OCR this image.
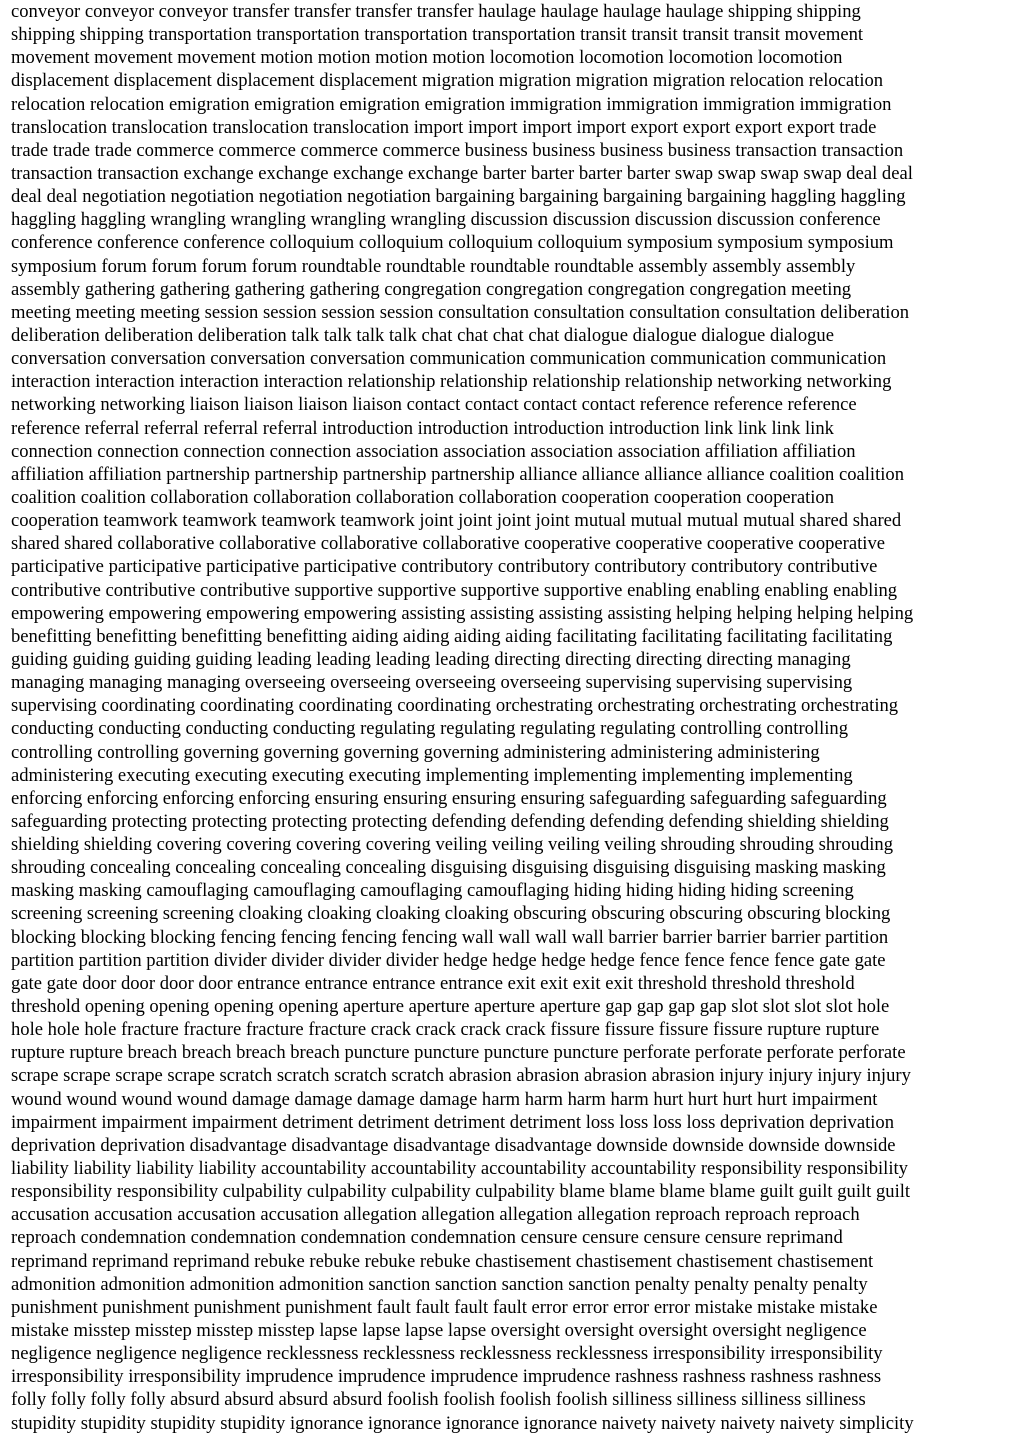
conveyor conveyor conveyor transfer transfer transfer transfer haulage haulage haulage haulage shipping shipping
shipping shipping transportation transportation transportation transportation transit transit transit transit movement
movement movement movement motion motion motion motion locomotion locomotion locomotion locomotion
displacement displacement displacement displacement migration migration migration migration relocation relocation
relocation relocation emigration emigration emigration emigration immigration immigration immigration immigration
translocation translocation translocation translocation import import import import export export export export trade
trade trade trade commerce commerce commerce commerce business business business business transaction transaction
transaction transaction exchange exchange exchange exchange barter barter barter barter swap swap swap swap deal deal
deal deal negotiation negotiation negotiation negotiation bargaining bargaining bargaining bargaining haggling haggling
haggling haggling wrangling wrangling wrangling wrangling discussion discussion discussion discussion conference
conference conference conference colloquium colloquium colloquium colloquium symposium symposium symposium
symposium forum forum forum forum roundtable roundtable roundtable roundtable assembly assembly assembly
assembly gathering gathering gathering gathering congregation congregation congregation congregation meeting
meeting meeting meeting session session session session consultation consultation consultation consultation deliberation
deliberation deliberation deliberation talk talk talk talk chat chat chat chat dialogue dialogue dialogue dialogue
conversation conversation conversation conversation communication communication communication communication
interaction interaction interaction interaction relationship relationship relationship relationship networking networking
networking networking liaison liaison liaison liaison contact contact contact contact reference reference reference
reference referral referral referral referral introduction introduction introduction introduction link link link link
connection connection connection connection association association association association affiliation affiliation
affiliation affiliation partnership partnership partnership partnership alliance alliance alliance alliance coalition coalition
coalition coalition collaboration collaboration collaboration collaboration cooperation cooperation cooperation
cooperation teamwork teamwork teamwork teamwork joint joint joint joint mutual mutual mutual mutual shared shared
shared shared collaborative collaborative collaborative collaborative cooperative cooperative cooperative cooperative
participative participative participative participative contributory contributory contributory contributory contributive
contributive contributive contributive supportive supportive supportive supportive enabling enabling enabling enabling
empowering empowering empowering empowering assisting assisting assisting assisting helping helping helping helping
benefitting benefitting benefitting benefitting aiding aiding aiding aiding facilitating facilitating facilitating facilitating
guiding guiding guiding guiding leading leading leading leading directing directing directing directing managing
managing managing managing overseeing overseeing overseeing overseeing supervising supervising supervising
supervising coordinating coordinating coordinating coordinating orchestrating orchestrating orchestrating orchestrating
conducting conducting conducting conducting regulating regulating regulating regulating controlling controlling
controlling controlling governing governing governing governing administering administering administering
administering executing executing executing executing implementing implementing implementing implementing
enforcing enforcing enforcing enforcing ensuring ensuring ensuring ensuring safeguarding safeguarding safeguarding
safeguarding protecting protecting protecting protecting defending defending defending defending shielding shielding
shielding shielding covering covering covering covering veiling veiling veiling veiling shrouding shrouding shrouding
shrouding concealing concealing concealing concealing disguising disguising disguising disguising masking masking
masking masking camouflaging camouflaging camouflaging camouflaging hiding hiding hiding hiding screening
screening screening screening cloaking cloaking cloaking cloaking obscuring obscuring obscuring obscuring blocking
blocking blocking blocking fencing fencing fencing fencing wall wall wall wall barrier barrier barrier barrier partition
partition partition partition divider divider divider divider hedge hedge hedge hedge fence fence fence fence gate gate
gate gate door door door door entrance entrance entrance entrance exit exit exit exit threshold threshold threshold
threshold opening opening opening opening aperture aperture aperture aperture gap gap gap gap slot slot slot slot hole
hole hole hole fracture fracture fracture fracture crack crack crack crack fissure fissure fissure fissure rupture rupture
rupture rupture breach breach breach breach puncture puncture puncture puncture perforate perforate perforate perforate
scrape scrape scrape scrape scratch scratch scratch scratch abrasion abrasion abrasion abrasion injury injury injury injury
wound wound wound wound damage damage damage damage harm harm harm harm hurt hurt hurt hurt impairment
impairment impairment impairment detriment detriment detriment detriment loss loss loss loss deprivation deprivation
deprivation deprivation disadvantage disadvantage disadvantage disadvantage downside downside downside downside
liability liability liability liability accountability accountability accountability accountability responsibility responsibility
responsibility responsibility culpability culpability culpability culpability blame blame blame blame guilt guilt guilt guilt
accusation accusation accusation accusation allegation allegation allegation allegation reproach reproach reproach
reproach condemnation condemnation condemnation condemnation censure censure censure censure reprimand
reprimand reprimand reprimand rebuke rebuke rebuke rebuke chastisement chastisement chastisement chastisement
admonition admonition admonition admonition sanction sanction sanction sanction penalty penalty penalty penalty
punishment punishment punishment punishment fault fault fault fault error error error error mistake mistake mistake
mistake misstep misstep misstep misstep lapse lapse lapse lapse oversight oversight oversight oversight negligence
negligence negligence negligence recklessness recklessness recklessness recklessness irresponsibility irresponsibility
irresponsibility irresponsibility imprudence imprudence imprudence imprudence rashness rashness rashness rashness
folly folly folly folly absurd absurd absurd absurd foolish foolish foolish foolish silliness silliness silliness silliness
stupidity stupidity stupidity stupidity ignorance ignorance ignorance ignorance naivety naivety naivety naivety simplicity
